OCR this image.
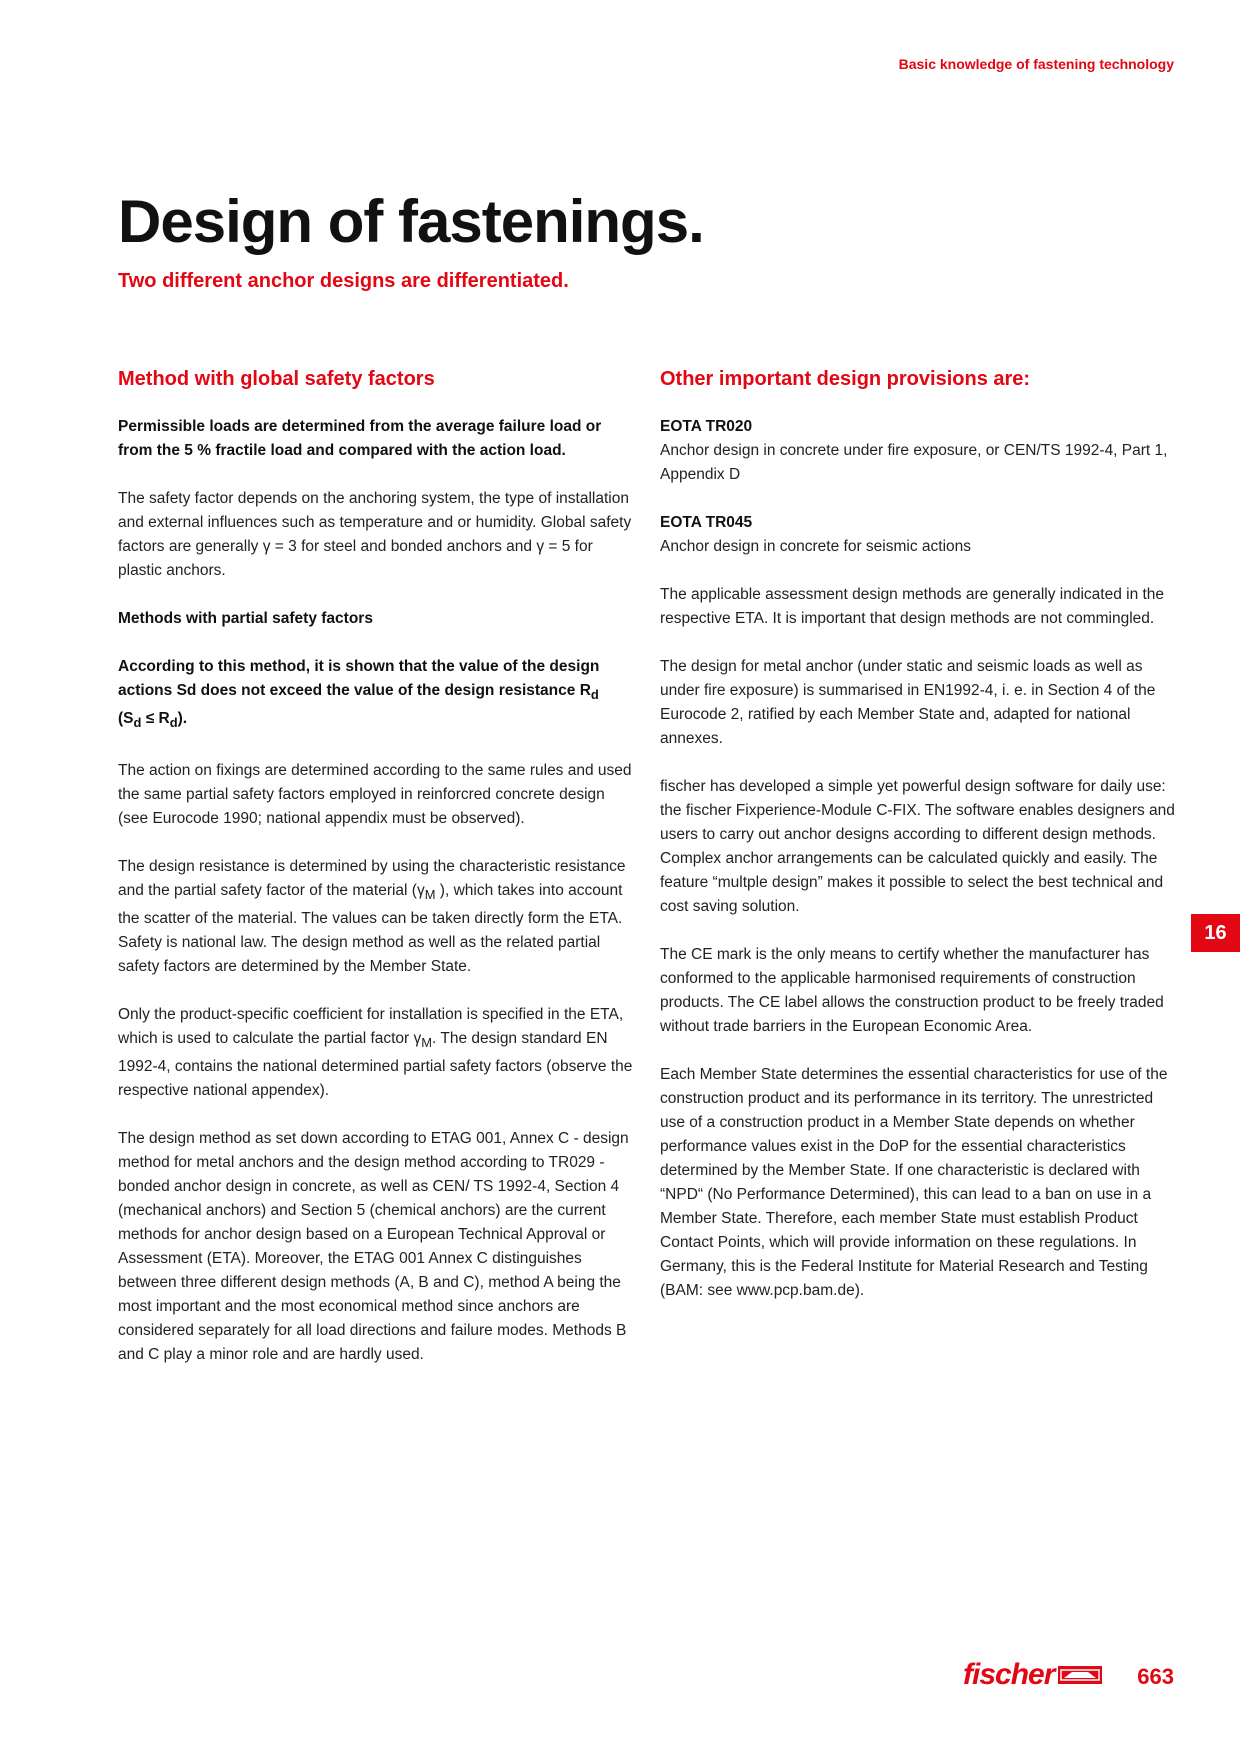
Basic knowledge of fastening technology
Design of fastenings.

Two different anchor designs are differentiated.

Method with global safety factors

Permissible loads are determined from the average failure load or from the 5 % fractile load and compared with the action load.

The safety factor depends on the anchoring system, the type of installation and external influences such as temperature and or humidity. Global safety factors are generally γ = 3 for steel and bonded anchors and γ = 5 for plastic anchors.

Methods with partial safety factors

According to this method, it is shown that the value of the design actions Sd does not exceed the value of the design resistance $R_d$
$(S_d \le R_d)$.

The action on fixings are determined according to the same rules and used the same partial safety factors employed in reinforcred concrete design (see Eurocode 1990; national appendix must be observed).

The design resistance is determined by using the characteristic resistance and the partial safety factor of the material ($\gamma_M$ ), which takes into account the scatter of the material. The values can be taken directly form the ETA. Safety is national law. The design method as well as the related partial safety factors are determined by the Member State.

Only the product-specific coefficient for installation is specified in the ETA, which is used to calculate the partial factor $\gamma_M$. The design standard EN 1992-4, contains the national determined partial safety factors (observe the respective national appendex).

The design method as set down according to ETAG 001, Annex C - design method for metal anchors and the design method according to TR029 - bonded anchor design in concrete, as well as CEN/ TS 1992-4, Section 4 (mechanical anchors) and Section 5 (chemical anchors) are the current methods for anchor design based on a European Technical Approval or Assessment (ETA). Moreover, the ETAG 001 Annex C distinguishes between three different design methods (A, B and C), method A being the most important and the most economical method since anchors are considered separately for all load directions and failure modes. Methods B and C play a minor role and are hardly used.

Other important design provisions are:

EOTA TR020
Anchor design in concrete under fire exposure, or CEN/TS 1992-4, Part 1, Appendix D

EOTA TR045
Anchor design in concrete for seismic actions

The applicable assessment design methods are generally indicated in the respective ETA. It is important that design methods are not commingled.

The design for metal anchor (under static and seismic loads as well as under fire exposure) is summarised in EN1992-4, i. e. in Section 4 of the Eurocode 2, ratified by each Member State and, adapted for national annexes.

fischer has developed a simple yet powerful design software for daily use: the fischer Fixperience-Module C-FIX. The software enables designers and users to carry out anchor designs according to different design methods. Complex anchor arrangements can be calculated quickly and easily. The feature “multple design” makes it possible to select the best technical and cost saving solution.

The CE mark is the only means to certify whether the manufacturer has conformed to the applicable harmonised requirements of construction products. The CE label allows the construction product to be freely traded without trade barriers in the European Economic Area.

Each Member State determines the essential characteristics for use of the construction product and its performance in its territory. The unrestricted use of a construction product in a Member State depends on whether performance values exist in the DoP for the essential characteristics determined by the Member State. If one characteristic is declared with “NPD“ (No Performance Determined), this can lead to a ban on use in a Member State. Therefore, each member State must establish Product Contact Points, which will provide information on these regulations. In Germany, this is the Federal Institute for Material Research and Testing (BAM: see www.pcp.bam.de).

16
fischer	663
